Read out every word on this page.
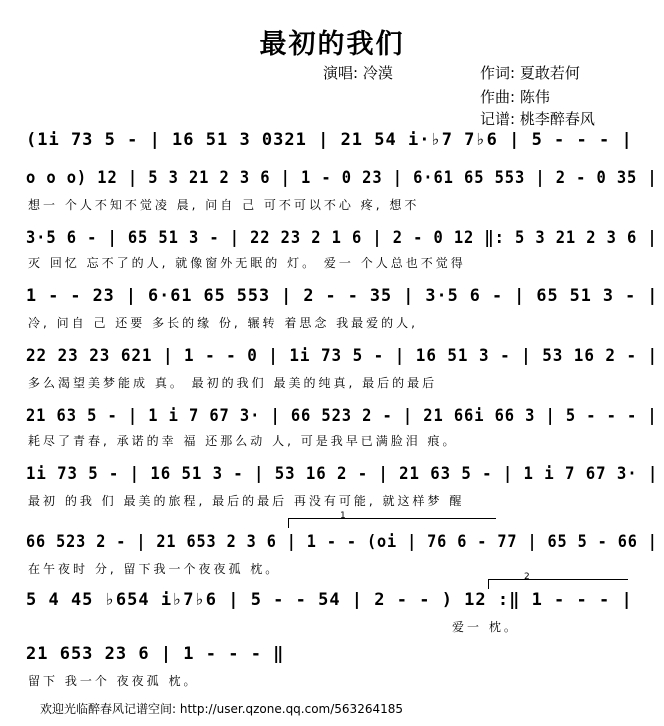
最初的我们
演唱: 冷漠	作词: 夏敢若何
作曲: 陈伟
记谱: 桃李醉春风
(1i 73 5 - | 16 51 3 0321 | 21 54 i·♭7 7♭6 | 5 - - - |
o o o) 12 | 5 3 21 2 3 6 | 1 - 0 23 | 6·61 65 553 | 2 - 0 35 |
想一 个人不知不觉凌 晨, 问自 己 可不可以不心 疼, 想不
3·5 6 - | 65 51 3 - | 22 23 2 1 6 | 2 - 0 12 ‖: 5 3 21 2 3 6 |
灭 回忆 忘不了的人, 就像窗外无眠的 灯。 爱一 个人总也不觉得
1 - - 23 | 6·61 65 553 | 2 - - 35 | 3·5 6 - | 65 51 3 - |
冷, 问自 己 还要 多长的缘 份, 辗转 着思念 我最爱的人,
22 23 23 621 | 1 - - 0 | 1i 73 5 - | 16 51 3 - | 53 16 2 - |
多么渴望美梦能成 真。 最初的我们 最美的纯真, 最后的最后
21 63 5 - | 1 i 7 67 3· | 66 523 2 - | 21 66i 66 3 | 5 - - - |
耗尽了青春, 承诺的幸 福 还那么动 人, 可是我早已满脸泪 痕。
1i 73 5 - | 16 51 3 - | 53 16 2 - | 21 63 5 - | 1 i 7 67 3· |
最初 的我 们 最美的旅程, 最后的最后 再没有可能, 就这样梦 醒
1
66 523 2 - | 21 653 2 3 6 | 1 - - (oi | 76 6 - 77 | 65 5 - 66 |
在午夜时 分, 留下我一个夜夜孤 枕。
2
5 4 45 ♭654 i♭7♭6 | 5 - - 54 | 2 - - ) 12 :‖ 1 - - - |
爱一 枕。
21 653 23 6 | 1 - - - ‖
留下 我一个 夜夜孤 枕。
欢迎光临醉春风记谱空间: http://user.qzone.qq.com/563264185
